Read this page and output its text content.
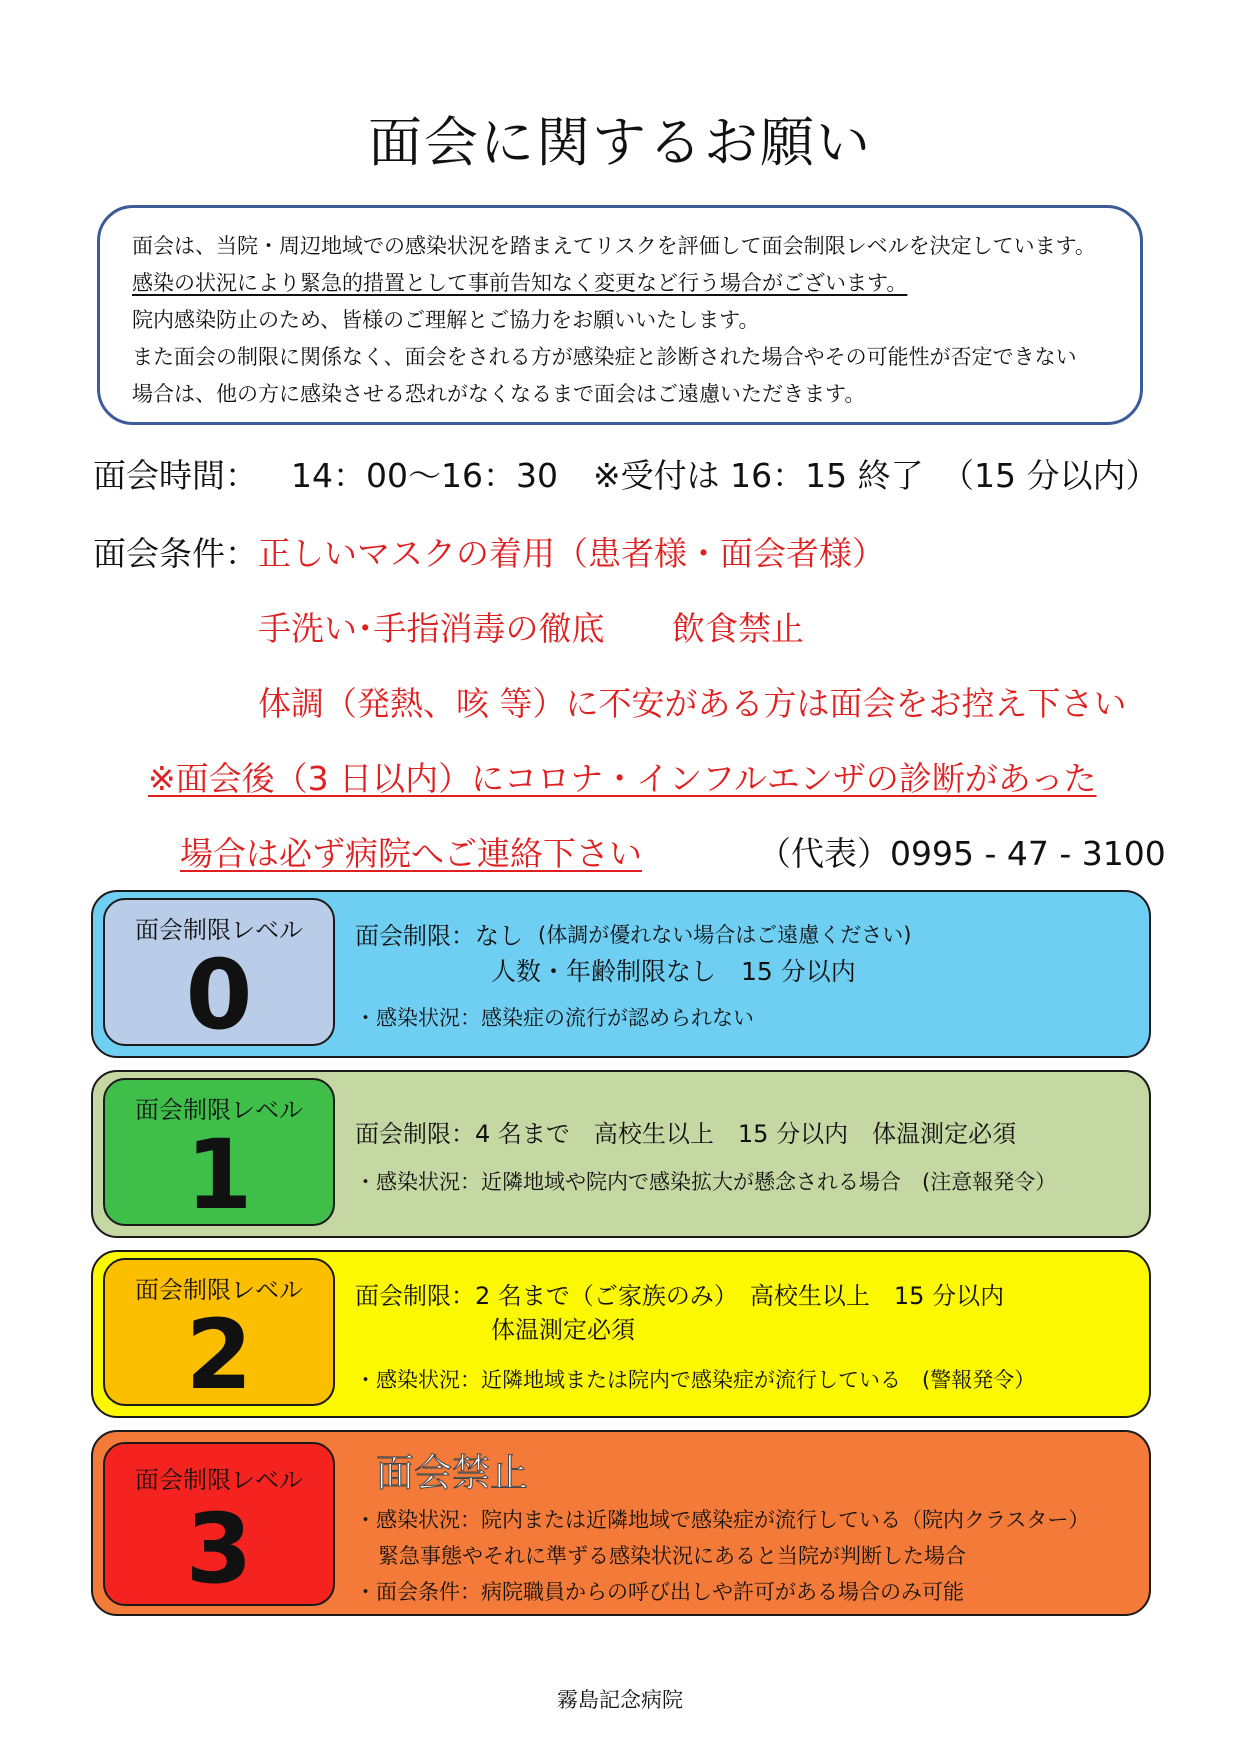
面会に関するお願い

面会は、当院・周辺地域での感染状況を踏まえてリスクを評価して面会制限レベルを決定しています。

感染の状況により緊急的措置として事前告知なく変更など行う場合がございます。

院内感染防止のため、皆様のご理解とご協力をお願いいたします。

また面会の制限に関係なく、面会をされる方が感染症と診断された場合やその可能性が否定できない

場合は、他の方に感染させる恐れがなくなるまで面会はご遠慮いただきます。

面会時間： 14：00～16：30 ※受付は 16：15 終了 （15 分以内）
面会条件： 正しいマスクの着用（患者様・面会者様）
手洗い･手指消毒の徹底 飲食禁止
体調（発熱、咳 等）に不安がある方は面会をお控え下さい
※面会後（3 日以内）にコロナ・インフルエンザの診断があった
場合は必ず病院へご連絡下さい	（代表）0995 - 47 - 3100
面会制限レベル
0
面会制限：なし (体調が優れない場合はご遠慮ください)
人数・年齢制限なし　15 分以内
・感染状況：感染症の流行が認められない
面会制限レベル
1	面会制限：4 名まで　高校生以上　15 分以内　体温測定必須
・感染状況：近隣地域や院内で感染拡大が懸念される場合　(注意報発令）
面会制限レベル
2
面会制限：2 名まで（ご家族のみ）　高校生以上　15 分以内
体温測定必須
・感染状況：近隣地域または院内で感染症が流行している　(警報発令）
面会制限レベル
3
面会禁止
・感染状況：院内または近隣地域で感染症が流行している（院内クラスター）
緊急事態やそれに準ずる感染状況にあると当院が判断した場合
・面会条件：病院職員からの呼び出しや許可がある場合のみ可能
霧島記念病院
